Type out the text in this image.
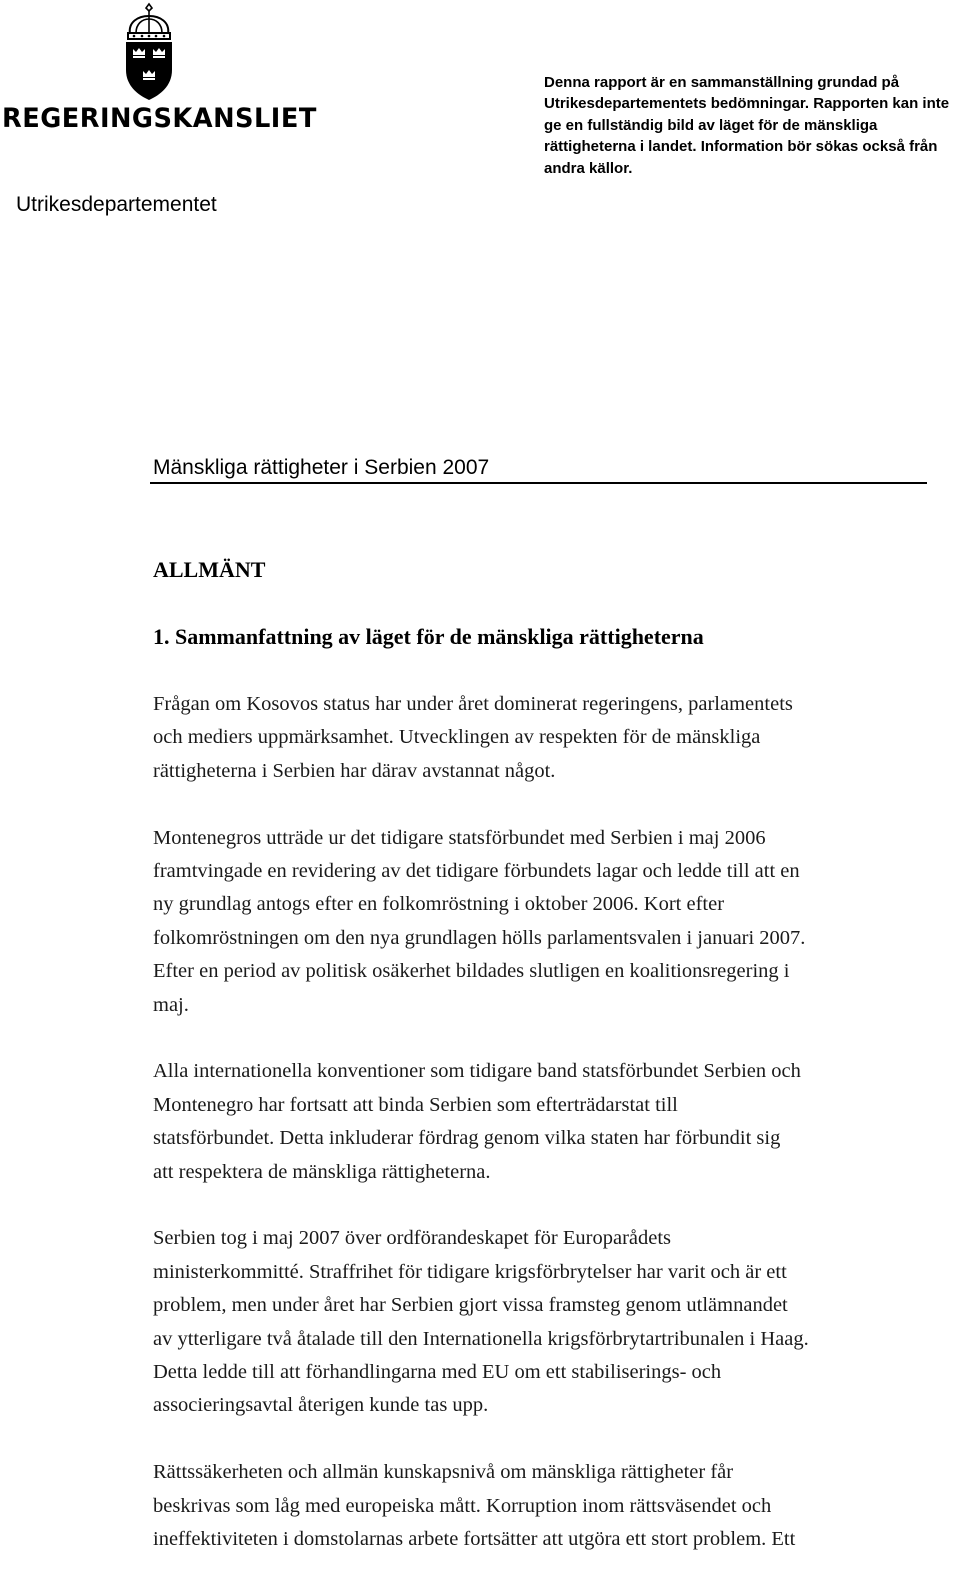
REGERINGSKANSLIET
Utrikesdepartementet
Denna rapport är en sammanställning grundad på
Utrikesdepartementets bedömningar. Rapporten kan inte
ge en fullständig bild av läget för de mänskliga
rättigheterna i landet. Information bör sökas också från
andra källor.
Mänskliga rättigheter i Serbien 2007
ALLMÄNT
1. Sammanfattning av läget för de mänskliga rättigheterna

Frågan om Kosovos status har under året dominerat regeringens, parlamentets
och mediers uppmärksamhet. Utvecklingen av respekten för de mänskliga
rättigheterna i Serbien har därav avstannat något.

Montenegros utträde ur det tidigare statsförbundet med Serbien i maj 2006
framtvingade en revidering av det tidigare förbundets lagar och ledde till att en
ny grundlag antogs efter en folkomröstning i oktober 2006. Kort efter
folkomröstningen om den nya grundlagen hölls parlamentsvalen i januari 2007.
Efter en period av politisk osäkerhet bildades slutligen en koalitionsregering i
maj.

Alla internationella konventioner som tidigare band statsförbundet Serbien och
Montenegro har fortsatt att binda Serbien som efterträdarstat till
statsförbundet. Detta inkluderar fördrag genom vilka staten har förbundit sig
att respektera de mänskliga rättigheterna.

Serbien tog i maj 2007 över ordförandeskapet för Europarådets
ministerkommitté. Straffrihet för tidigare krigsförbrytelser har varit och är ett
problem, men under året har Serbien gjort vissa framsteg genom utlämnandet
av ytterligare två åtalade till den Internationella krigsförbrytartribunalen i Haag.
Detta ledde till att förhandlingarna med EU om ett stabiliserings- och
associeringsavtal återigen kunde tas upp.

Rättssäkerheten och allmän kunskapsnivå om mänskliga rättigheter får
beskrivas som låg med europeiska mått. Korruption inom rättsväsendet och
ineffektiviteten i domstolarnas arbete fortsätter att utgöra ett stort problem. Ett
